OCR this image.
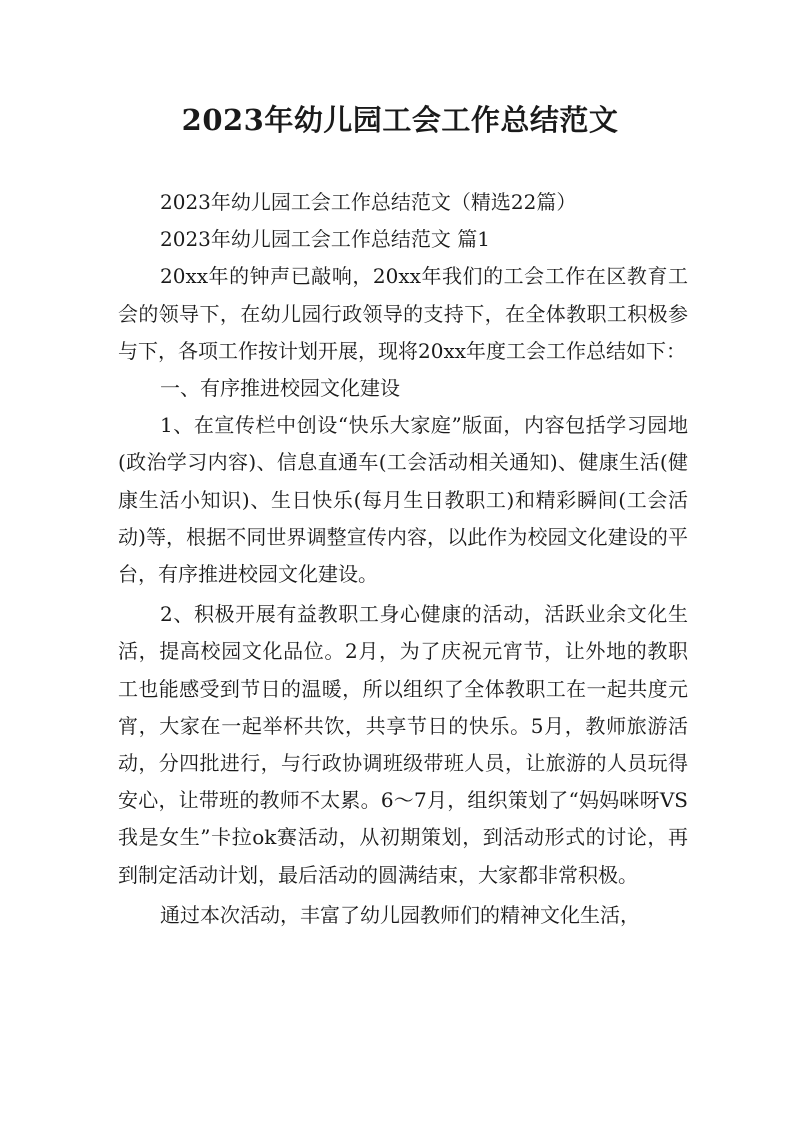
2023年幼儿园工会工作总结范文

2023年幼儿园工会工作总结范文（精选22篇）

2023年幼儿园工会工作总结范文 篇1

20xx年的钟声已敲响，20xx年我们的工会工作在区教育工会的领导下，在幼儿园行政领导的支持下，在全体教职工积极参与下，各项工作按计划开展，现将20xx年度工会工作总结如下：

一、有序推进校园文化建设

1、在宣传栏中创设“快乐大家庭”版面，内容包括学习园地(政治学习内容)、信息直通车(工会活动相关通知)、健康生活(健康生活小知识)、生日快乐(每月生日教职工)和精彩瞬间(工会活动)等，根据不同世界调整宣传内容，以此作为校园文化建设的平台，有序推进校园文化建设。

2、积极开展有益教职工身心健康的活动，活跃业余文化生活，提高校园文化品位。2月，为了庆祝元宵节，让外地的教职工也能感受到节日的温暖，所以组织了全体教职工在一起共度元宵，大家在一起举杯共饮，共享节日的快乐。5月，教师旅游活动，分四批进行，与行政协调班级带班人员，让旅游的人员玩得安心，让带班的教师不太累。6～7月，组织策划了“妈妈咪呀VS我是女生”卡拉ok赛活动，从初期策划，到活动形式的讨论，再到制定活动计划，最后活动的圆满结束，大家都非常积极。

通过本次活动，丰富了幼儿园教师们的精神文化生活，
